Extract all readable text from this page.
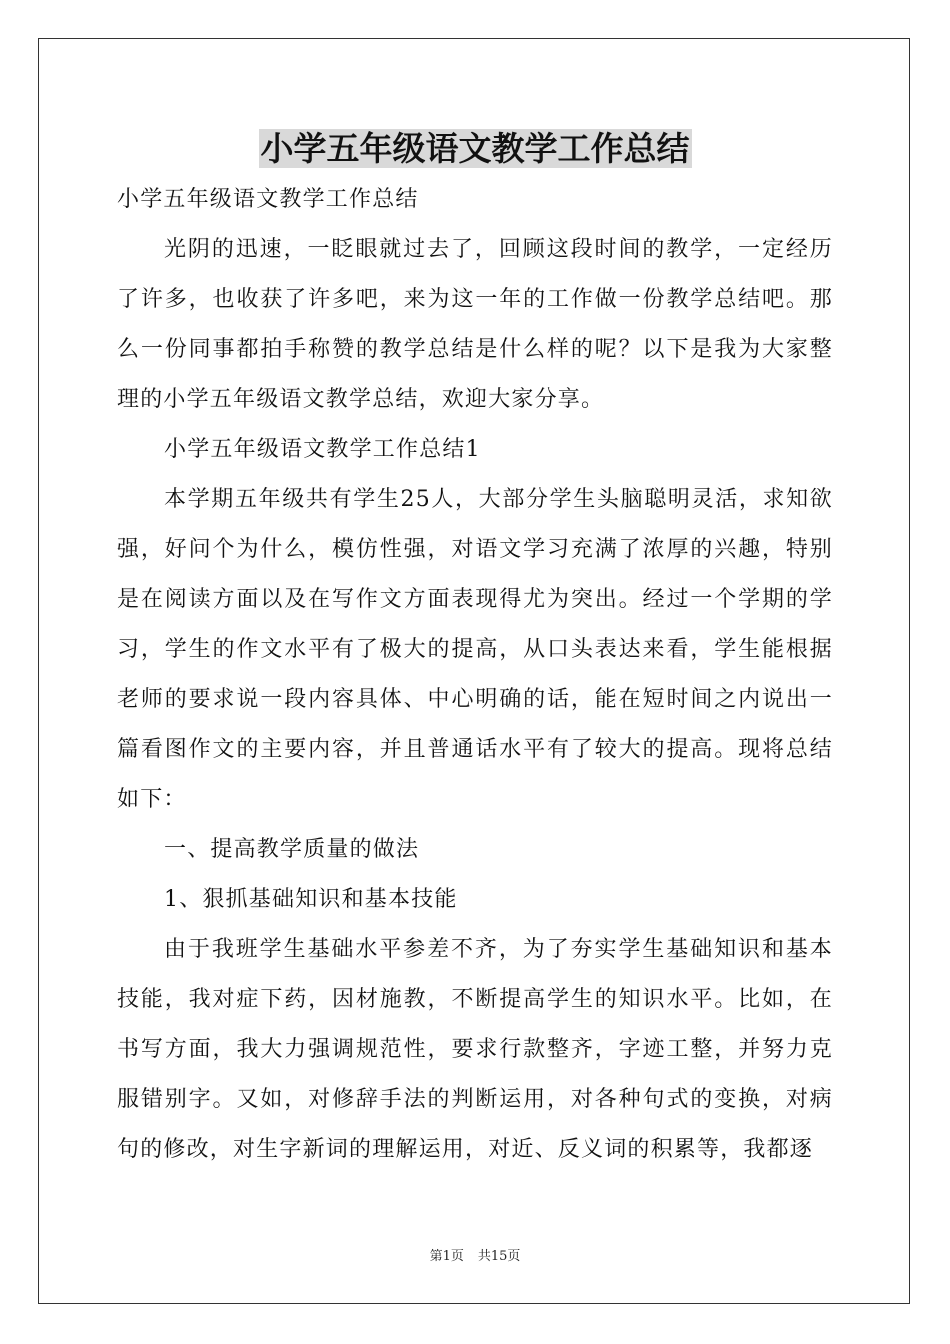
小学五年级语文教学工作总结

小学五年级语文教学工作总结

光阴的迅速，一眨眼就过去了，回顾这段时间的教学，一定经历了许多，也收获了许多吧，来为这一年的工作做一份教学总结吧。那么一份同事都拍手称赞的教学总结是什么样的呢？以下是我为大家整理的小学五年级语文教学总结，欢迎大家分享。

小学五年级语文教学工作总结1

本学期五年级共有学生25人，大部分学生头脑聪明灵活，求知欲强，好问个为什么，模仿性强，对语文学习充满了浓厚的兴趣，特别是在阅读方面以及在写作文方面表现得尤为突出。经过一个学期的学习，学生的作文水平有了极大的提高，从口头表达来看，学生能根据老师的要求说一段内容具体、中心明确的话，能在短时间之内说出一篇看图作文的主要内容，并且普通话水平有了较大的提高。现将总结如下：

一、提高教学质量的做法

1、狠抓基础知识和基本技能

由于我班学生基础水平参差不齐，为了夯实学生基础知识和基本技能，我对症下药，因材施教，不断提高学生的知识水平。比如，在书写方面，我大力强调规范性，要求行款整齐，字迹工整，并努力克服错别字。又如，对修辞手法的判断运用，对各种句式的变换，对病句的修改，对生字新词的理解运用，对近、反义词的积累等，我都逐

第1页 共15页
